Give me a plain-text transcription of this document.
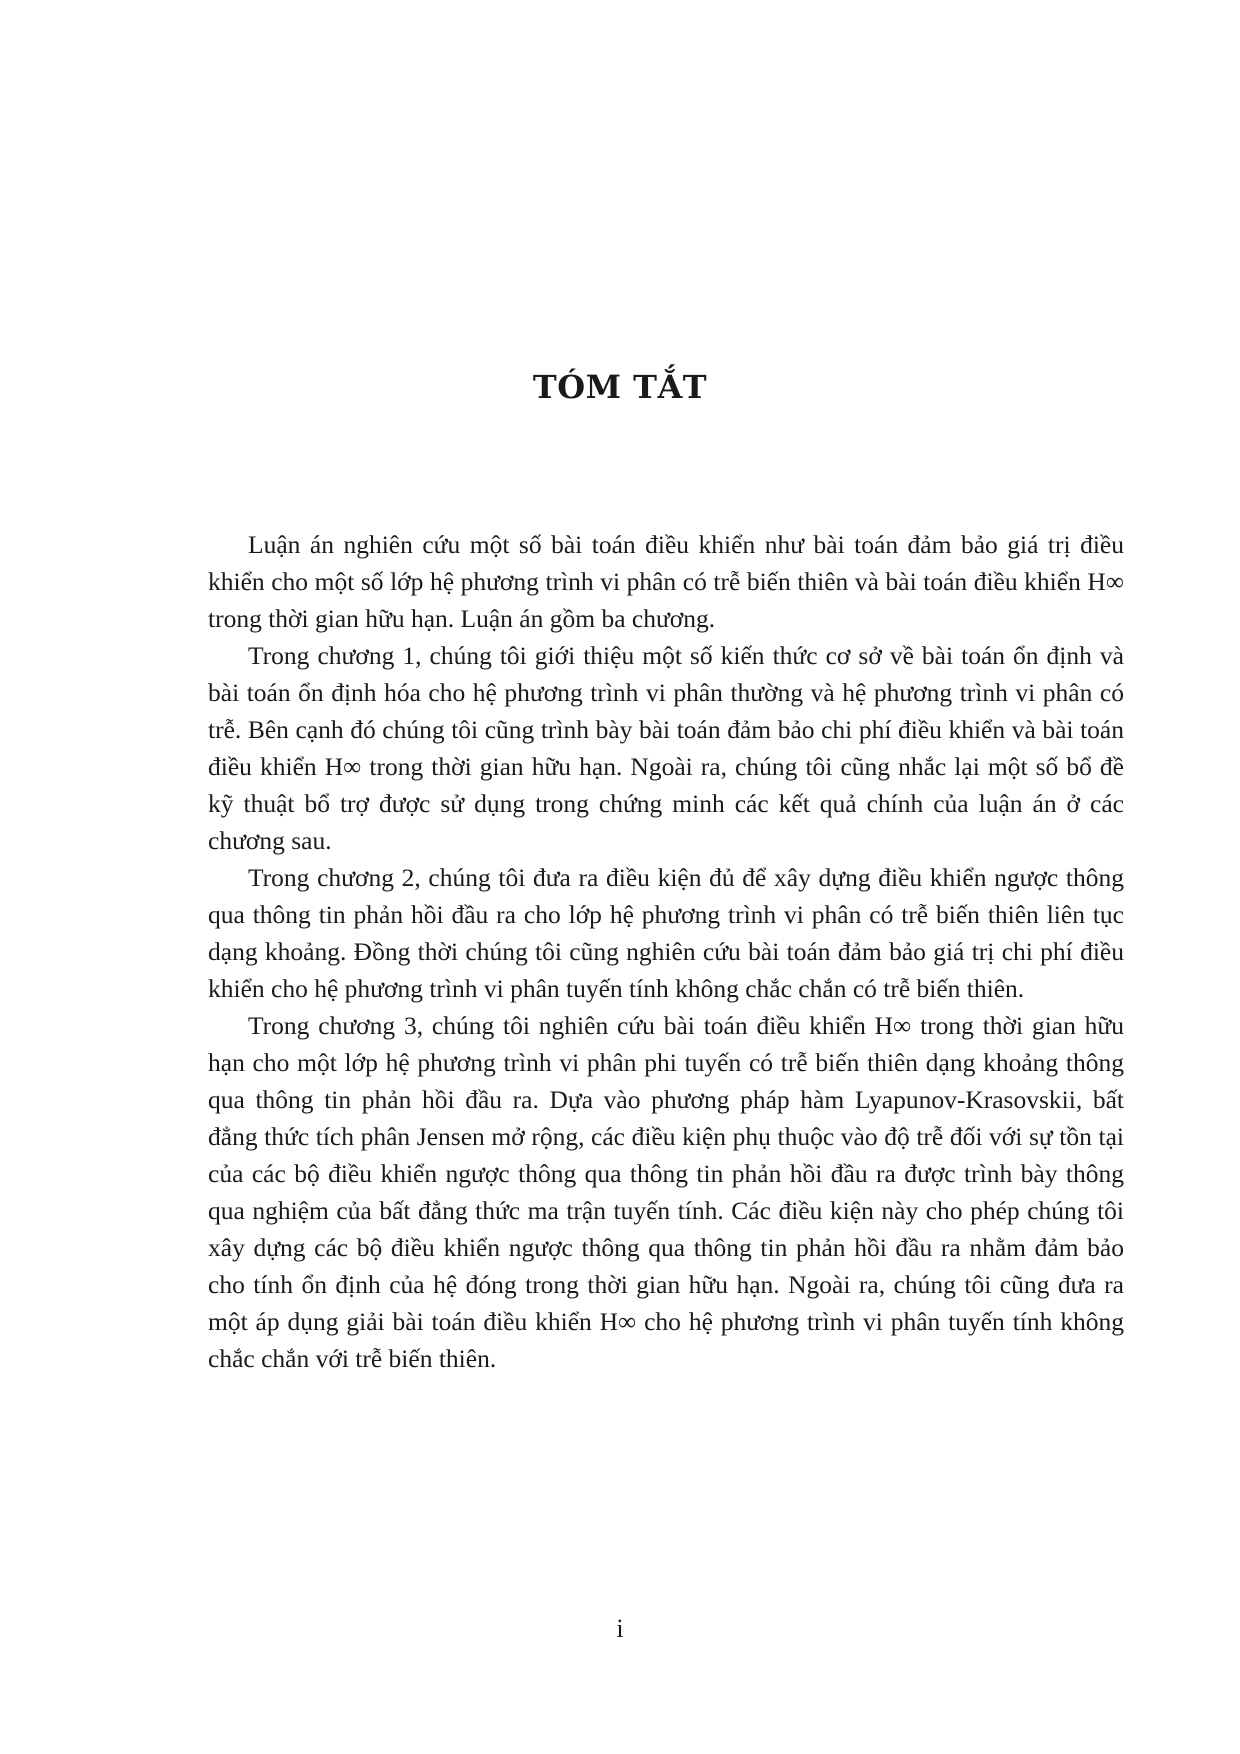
TÓM TẮT

Luận án nghiên cứu một số bài toán điều khiển như bài toán đảm bảo giá trị điều khiển cho một số lớp hệ phương trình vi phân có trễ biến thiên và bài toán điều khiển H∞ trong thời gian hữu hạn. Luận án gồm ba chương.

Trong chương 1, chúng tôi giới thiệu một số kiến thức cơ sở về bài toán ổn định và bài toán ổn định hóa cho hệ phương trình vi phân thường và hệ phương trình vi phân có trễ. Bên cạnh đó chúng tôi cũng trình bày bài toán đảm bảo chi phí điều khiển và bài toán điều khiển H∞ trong thời gian hữu hạn. Ngoài ra, chúng tôi cũng nhắc lại một số bổ đề kỹ thuật bổ trợ được sử dụng trong chứng minh các kết quả chính của luận án ở các chương sau.

Trong chương 2, chúng tôi đưa ra điều kiện đủ để xây dựng điều khiển ngược thông qua thông tin phản hồi đầu ra cho lớp hệ phương trình vi phân có trễ biến thiên liên tục dạng khoảng. Đồng thời chúng tôi cũng nghiên cứu bài toán đảm bảo giá trị chi phí điều khiển cho hệ phương trình vi phân tuyến tính không chắc chắn có trễ biến thiên.

Trong chương 3, chúng tôi nghiên cứu bài toán điều khiển H∞ trong thời gian hữu hạn cho một lớp hệ phương trình vi phân phi tuyến có trễ biến thiên dạng khoảng thông qua thông tin phản hồi đầu ra. Dựa vào phương pháp hàm Lyapunov-Krasovskii, bất đẳng thức tích phân Jensen mở rộng, các điều kiện phụ thuộc vào độ trễ đối với sự tồn tại của các bộ điều khiển ngược thông qua thông tin phản hồi đầu ra được trình bày thông qua nghiệm của bất đẳng thức ma trận tuyến tính. Các điều kiện này cho phép chúng tôi xây dựng các bộ điều khiển ngược thông qua thông tin phản hồi đầu ra nhằm đảm bảo cho tính ổn định của hệ đóng trong thời gian hữu hạn. Ngoài ra, chúng tôi cũng đưa ra một áp dụng giải bài toán điều khiển H∞ cho hệ phương trình vi phân tuyến tính không chắc chắn với trễ biến thiên.

i
